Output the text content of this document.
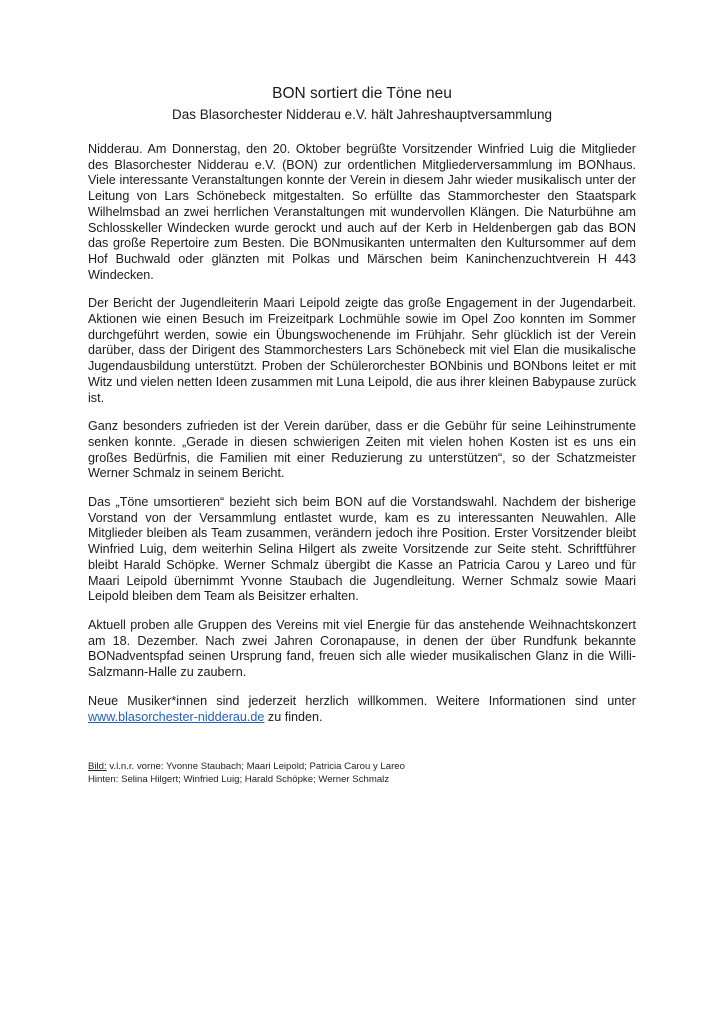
BON sortiert die Töne neu
Das Blasorchester Nidderau e.V. hält Jahreshauptversammlung

Nidderau. Am Donnerstag, den 20. Oktober begrüßte Vorsitzender Winfried Luig die Mitglieder des Blasorchester Nidderau e.V. (BON) zur ordentlichen Mitgliederversammlung im BONhaus. Viele interessante Veranstaltungen konnte der Verein in diesem Jahr wieder musikalisch unter der Leitung von Lars Schönebeck mitgestalten. So erfüllte das Stammorchester den Staatspark Wilhelmsbad an zwei herrlichen Veranstaltungen mit wundervollen Klängen. Die Naturbühne am Schlosskeller Windecken wurde gerockt und auch auf der Kerb in Heldenbergen gab das BON das große Repertoire zum Besten. Die BONmusikanten untermalten den Kultursommer auf dem Hof Buchwald oder glänzten mit Polkas und Märschen beim Kaninchenzuchtverein H 443 Windecken.

Der Bericht der Jugendleiterin Maari Leipold zeigte das große Engagement in der Jugendarbeit. Aktionen wie einen Besuch im Freizeitpark Lochmühle sowie im Opel Zoo konnten im Sommer durchgeführt werden, sowie ein Übungswochenende im Frühjahr. Sehr glücklich ist der Verein darüber, dass der Dirigent des Stammorchesters Lars Schönebeck mit viel Elan die musikalische Jugendausbildung unterstützt. Proben der Schülerorchester BONbinis und BONbons leitet er mit Witz und vielen netten Ideen zusammen mit Luna Leipold, die aus ihrer kleinen Babypause zurück ist.

Ganz besonders zufrieden ist der Verein darüber, dass er die Gebühr für seine Leihinstrumente senken konnte. „Gerade in diesen schwierigen Zeiten mit vielen hohen Kosten ist es uns ein großes Bedürfnis, die Familien mit einer Reduzierung zu unterstützen“, so der Schatzmeister Werner Schmalz in seinem Bericht.

Das „Töne umsortieren“ bezieht sich beim BON auf die Vorstandswahl. Nachdem der bisherige Vorstand von der Versammlung entlastet wurde, kam es zu interessanten Neuwahlen. Alle Mitglieder bleiben als Team zusammen, verändern jedoch ihre Position. Erster Vorsitzender bleibt Winfried Luig, dem weiterhin Selina Hilgert als zweite Vorsitzende zur Seite steht. Schriftführer bleibt Harald Schöpke. Werner Schmalz übergibt die Kasse an Patricia Carou y Lareo und für Maari Leipold übernimmt Yvonne Staubach die Jugendleitung. Werner Schmalz sowie Maari Leipold bleiben dem Team als Beisitzer erhalten.

Aktuell proben alle Gruppen des Vereins mit viel Energie für das anstehende Weihnachtskonzert am 18. Dezember. Nach zwei Jahren Coronapause, in denen der über Rundfunk bekannte BONadventspfad seinen Ursprung fand, freuen sich alle wieder musikalischen Glanz in die Willi-Salzmann-Halle zu zaubern.

Neue Musiker*innen sind jederzeit herzlich willkommen. Weitere Informationen sind unter www.blasorchester-nidderau.de zu finden.

Bild: v.l.n.r. vorne: Yvonne Staubach; Maari Leipold; Patricia Carou y Lareo
Hinten: Selina Hilgert; Winfried Luig; Harald Schöpke; Werner Schmalz
